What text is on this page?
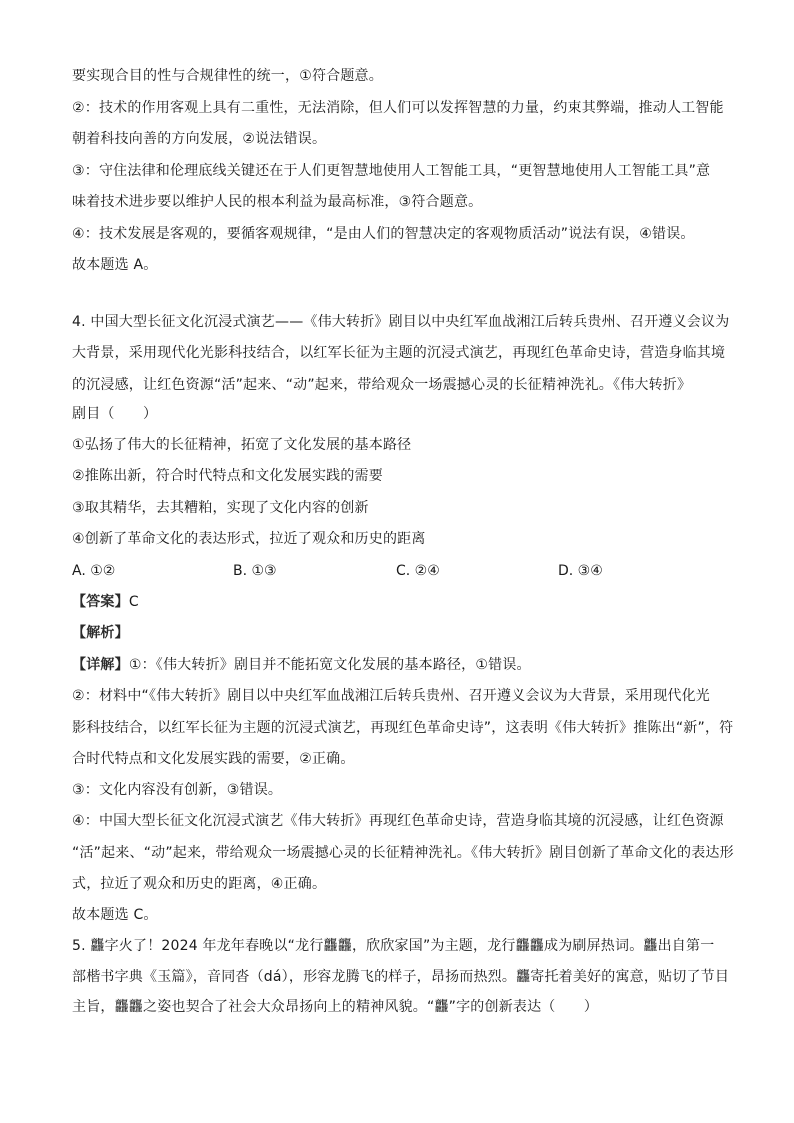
要实现合目的性与合规律性的统一，①符合题意。
②：技术的作用客观上具有二重性，无法消除，但人们可以发挥智慧的力量，约束其弊端，推动人工智能
朝着科技向善的方向发展，②说法错误。
③：守住法律和伦理底线关键还在于人们更智慧地使用人工智能工具，“更智慧地使用人工智能工具”意
味着技术进步要以维护人民的根本利益为最高标准，③符合题意。
④：技术发展是客观的，要循客观规律，“是由人们的智慧决定的客观物质活动”说法有误，④错误。
故本题选 A。
4. 中国大型长征文化沉浸式演艺——《伟大转折》剧目以中央红军血战湘江后转兵贵州、召开遵义会议为
大背景，采用现代化光影科技结合，以红军长征为主题的沉浸式演艺，再现红色革命史诗，营造身临其境
的沉浸感，让红色资源“活”起来、“动”起来，带给观众一场震撼心灵的长征精神洗礼。《伟大转折》
剧目（　　）
①弘扬了伟大的长征精神，拓宽了文化发展的基本路径
②推陈出新，符合时代特点和文化发展实践的需要
③取其精华，去其糟粕，实现了文化内容的创新
④创新了革命文化的表达形式，拉近了观众和历史的距离
A. ①②	B. ①③	C. ②④	D. ③④
【答案】C
【解析】
【详解】①：《伟大转折》剧目并不能拓宽文化发展的基本路径，①错误。
②：材料中“《伟大转折》剧目以中央红军血战湘江后转兵贵州、召开遵义会议为大背景，采用现代化光
影科技结合，以红军长征为主题的沉浸式演艺，再现红色革命史诗”，这表明《伟大转折》推陈出“新”，符
合时代特点和文化发展实践的需要，②正确。
③：文化内容没有创新，③错误。
④：中国大型长征文化沉浸式演艺《伟大转折》再现红色革命史诗，营造身临其境的沉浸感，让红色资源
“活”起来、“动”起来，带给观众一场震撼心灵的长征精神洗礼。《伟大转折》剧目创新了革命文化的表达形
式，拉近了观众和历史的距离，④正确。
故本题选 C。
5. 龘字火了！2024 年龙年春晚以“龙行龘龘，欣欣家国”为主题，龙行龘龘成为刷屏热词。龘出自第一
部楷书字典《玉篇》，音同沓（dá），形容龙腾飞的样子，昂扬而热烈。龘寄托着美好的寓意，贴切了节目
主旨，龘龘之姿也契合了社会大众昂扬向上的精神风貌。“龘”字的创新表达（　　）
